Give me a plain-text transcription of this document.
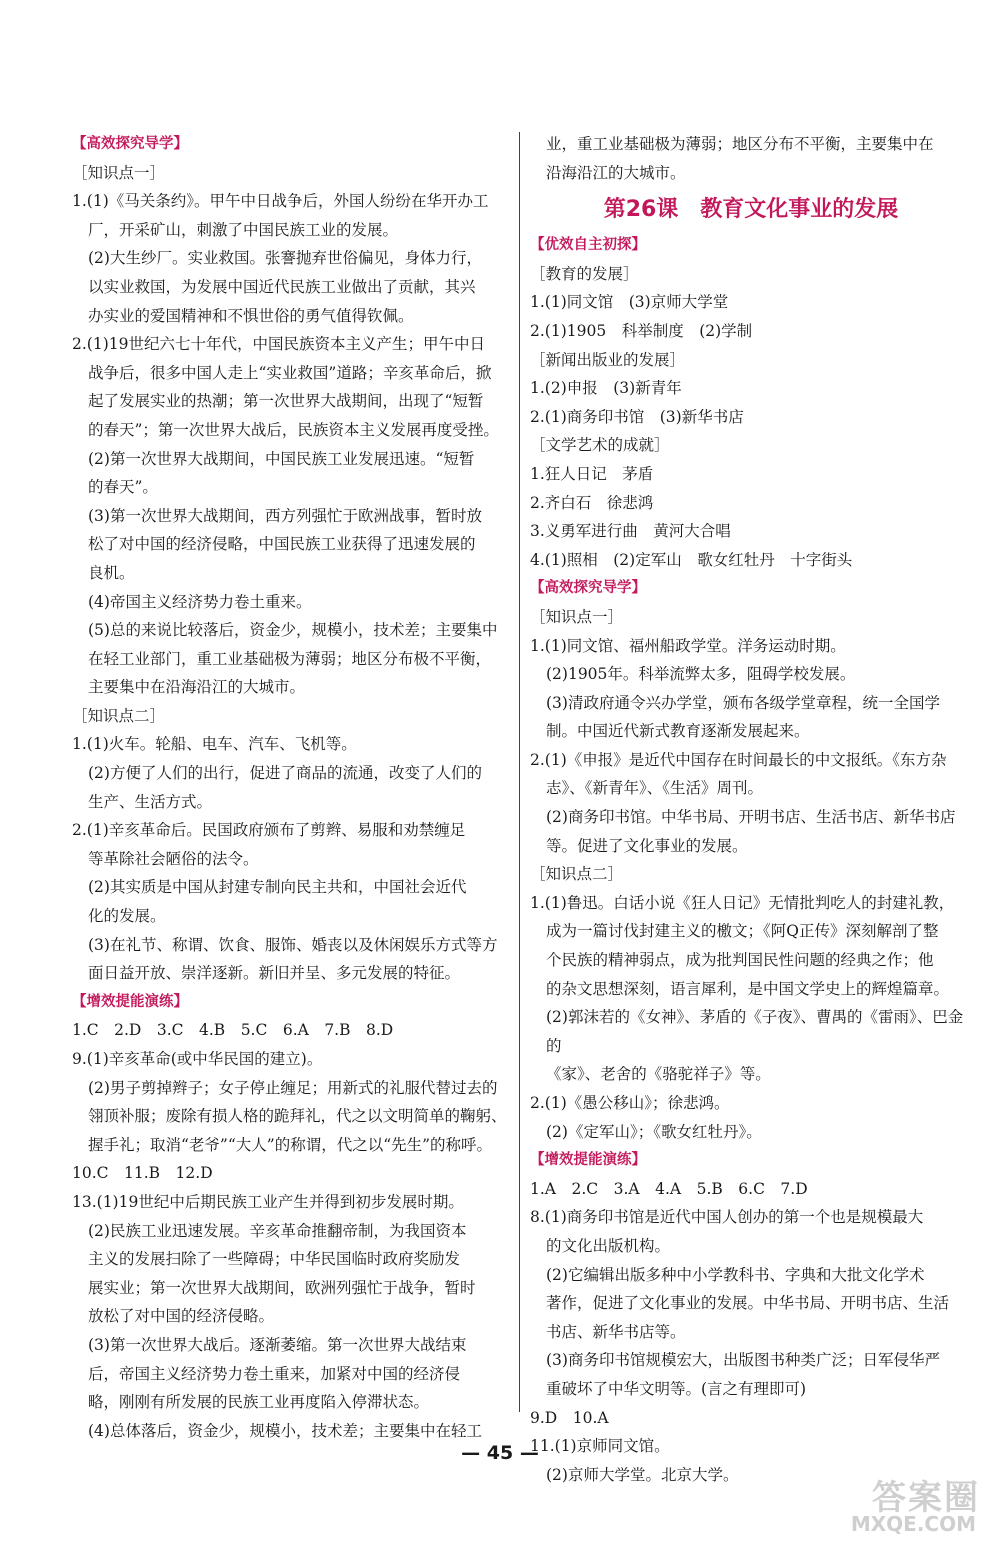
【高效探究导学】
［知识点一］
1.(1)《马关条约》。甲午中日战争后，外国人纷纷在华开办工
厂，开采矿山，刺激了中国民族工业的发展。
(2)大生纱厂。实业救国。张謇抛弃世俗偏见，身体力行，
以实业救国，为发展中国近代民族工业做出了贡献，其兴
办实业的爱国精神和不惧世俗的勇气值得钦佩。
2.(1)19世纪六七十年代，中国民族资本主义产生；甲午中日
战争后，很多中国人走上“实业救国”道路；辛亥革命后，掀
起了发展实业的热潮；第一次世界大战期间，出现了“短暂
的春天”；第一次世界大战后，民族资本主义发展再度受挫。
(2)第一次世界大战期间，中国民族工业发展迅速。“短暂
的春天”。
(3)第一次世界大战期间，西方列强忙于欧洲战事，暂时放
松了对中国的经济侵略，中国民族工业获得了迅速发展的
良机。
(4)帝国主义经济势力卷土重来。
(5)总的来说比较落后，资金少，规模小，技术差；主要集中
在轻工业部门，重工业基础极为薄弱；地区分布极不平衡，
主要集中在沿海沿江的大城市。
［知识点二］
1.(1)火车。轮船、电车、汽车、飞机等。
(2)方便了人们的出行，促进了商品的流通，改变了人们的
生产、生活方式。
2.(1)辛亥革命后。民国政府颁布了剪辫、易服和劝禁缠足
等革除社会陋俗的法令。
(2)其实质是中国从封建专制向民主共和，中国社会近代
化的发展。
(3)在礼节、称谓、饮食、服饰、婚丧以及休闲娱乐方式等方
面日益开放、崇洋逐新。新旧并呈、多元发展的特征。
【增效提能演练】
1.C　2.D　3.C　4.B　5.C　6.A　7.B　8.D
9.(1)辛亥革命(或中华民国的建立)。
(2)男子剪掉辫子；女子停止缠足；用新式的礼服代替过去的
翎顶补服；废除有损人格的跪拜礼，代之以文明简单的鞠躬、
握手礼；取消“老爷”“大人”的称谓，代之以“先生”的称呼。
10.C　11.B　12.D
13.(1)19世纪中后期民族工业产生并得到初步发展时期。
(2)民族工业迅速发展。辛亥革命推翻帝制，为我国资本
主义的发展扫除了一些障碍；中华民国临时政府奖励发
展实业；第一次世界大战期间，欧洲列强忙于战争，暂时
放松了对中国的经济侵略。
(3)第一次世界大战后。逐渐萎缩。第一次世界大战结束
后，帝国主义经济势力卷土重来，加紧对中国的经济侵
略，刚刚有所发展的民族工业再度陷入停滞状态。
(4)总体落后，资金少，规模小，技术差；主要集中在轻工
业，重工业基础极为薄弱；地区分布不平衡，主要集中在
沿海沿江的大城市。
第26课　教育文化事业的发展
【优效自主初探】
［教育的发展］
1.(1)同文馆　(3)京师大学堂
2.(1)1905　科举制度　(2)学制
［新闻出版业的发展］
1.(2)申报　(3)新青年
2.(1)商务印书馆　(3)新华书店
［文学艺术的成就］
1.狂人日记　茅盾
2.齐白石　徐悲鸿
3.义勇军进行曲　黄河大合唱
4.(1)照相　(2)定军山　歌女红牡丹　十字街头
【高效探究导学】
［知识点一］
1.(1)同文馆、福州船政学堂。洋务运动时期。
(2)1905年。科举流弊太多，阻碍学校发展。
(3)清政府通令兴办学堂，颁布各级学堂章程，统一全国学
制。中国近代新式教育逐渐发展起来。
2.(1)《申报》是近代中国存在时间最长的中文报纸。《东方杂
志》、《新青年》、《生活》周刊。
(2)商务印书馆。中华书局、开明书店、生活书店、新华书店
等。促进了文化事业的发展。
［知识点二］
1.(1)鲁迅。白话小说《狂人日记》无情批判吃人的封建礼教，
成为一篇讨伐封建主义的檄文；《阿Q正传》深刻解剖了整
个民族的精神弱点，成为批判国民性问题的经典之作；他
的杂文思想深刻，语言犀利，是中国文学史上的辉煌篇章。
(2)郭沫若的《女神》、茅盾的《子夜》、曹禺的《雷雨》、巴金的
《家》、老舍的《骆驼祥子》等。
2.(1)《愚公移山》；徐悲鸿。
(2)《定军山》；《歌女红牡丹》。
【增效提能演练】
1.A　2.C　3.A　4.A　5.B　6.C　7.D
8.(1)商务印书馆是近代中国人创办的第一个也是规模最大
的文化出版机构。
(2)它编辑出版多种中小学教科书、字典和大批文化学术
著作，促进了文化事业的发展。中华书局、开明书店、生活
书店、新华书店等。
(3)商务印书馆规模宏大，出版图书种类广泛；日军侵华严
重破坏了中华文明等。(言之有理即可)
9.D　10.A
11.(1)京师同文馆。
(2)京师大学堂。北京大学。
— 45 —
答案圈
MXQE.COM
